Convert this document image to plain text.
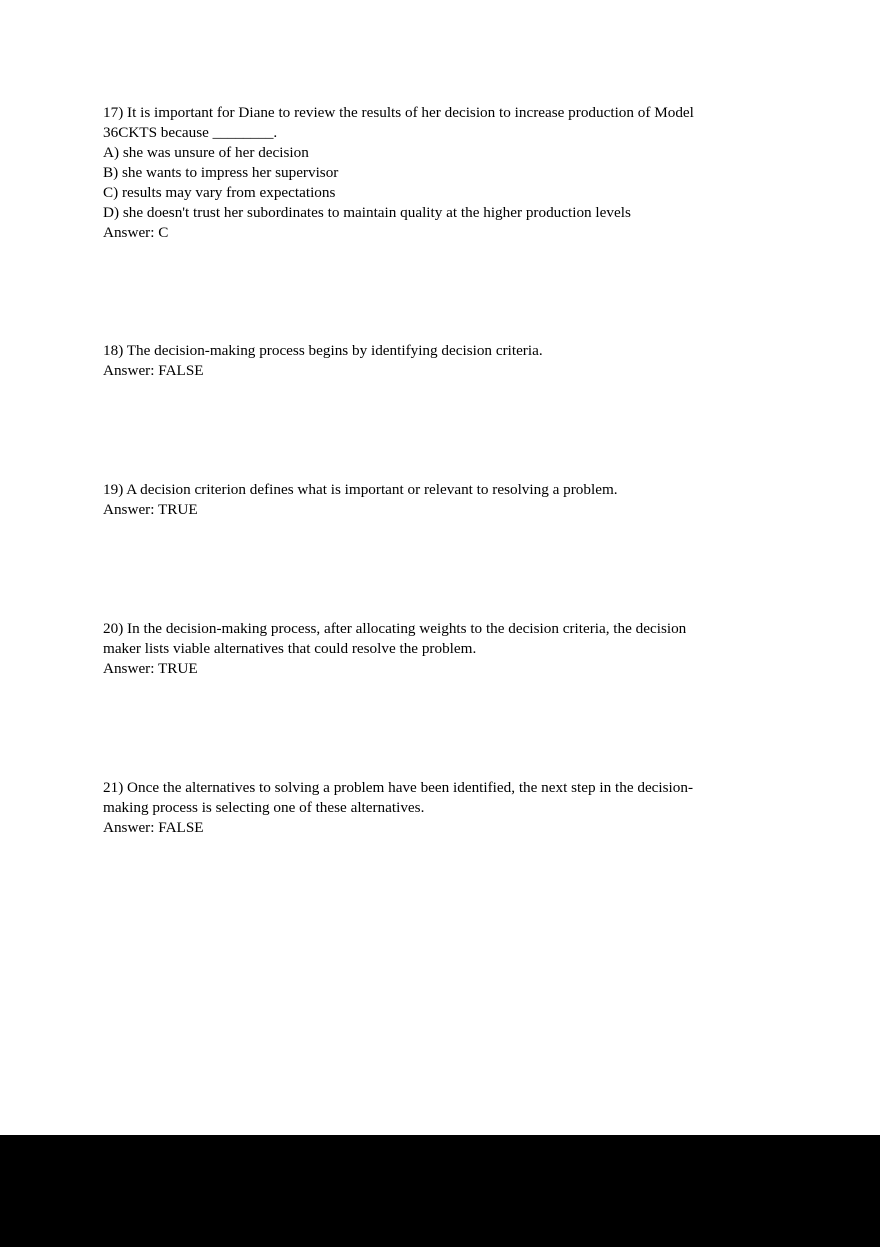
17) It is important for Diane to review the results of her decision to increase production of Model
36CKTS because ________.
A) she was unsure of her decision
B) she wants to impress her supervisor
C) results may vary from expectations
D) she doesn't trust her subordinates to maintain quality at the higher production levels
Answer: C
18) The decision-making process begins by identifying decision criteria.
Answer: FALSE
19) A decision criterion defines what is important or relevant to resolving a problem.
Answer: TRUE
20) In the decision-making process, after allocating weights to the decision criteria, the decision
maker lists viable alternatives that could resolve the problem.
Answer: TRUE
21) Once the alternatives to solving a problem have been identified, the next step in the decision-
making process is selecting one of these alternatives.
Answer: FALSE
